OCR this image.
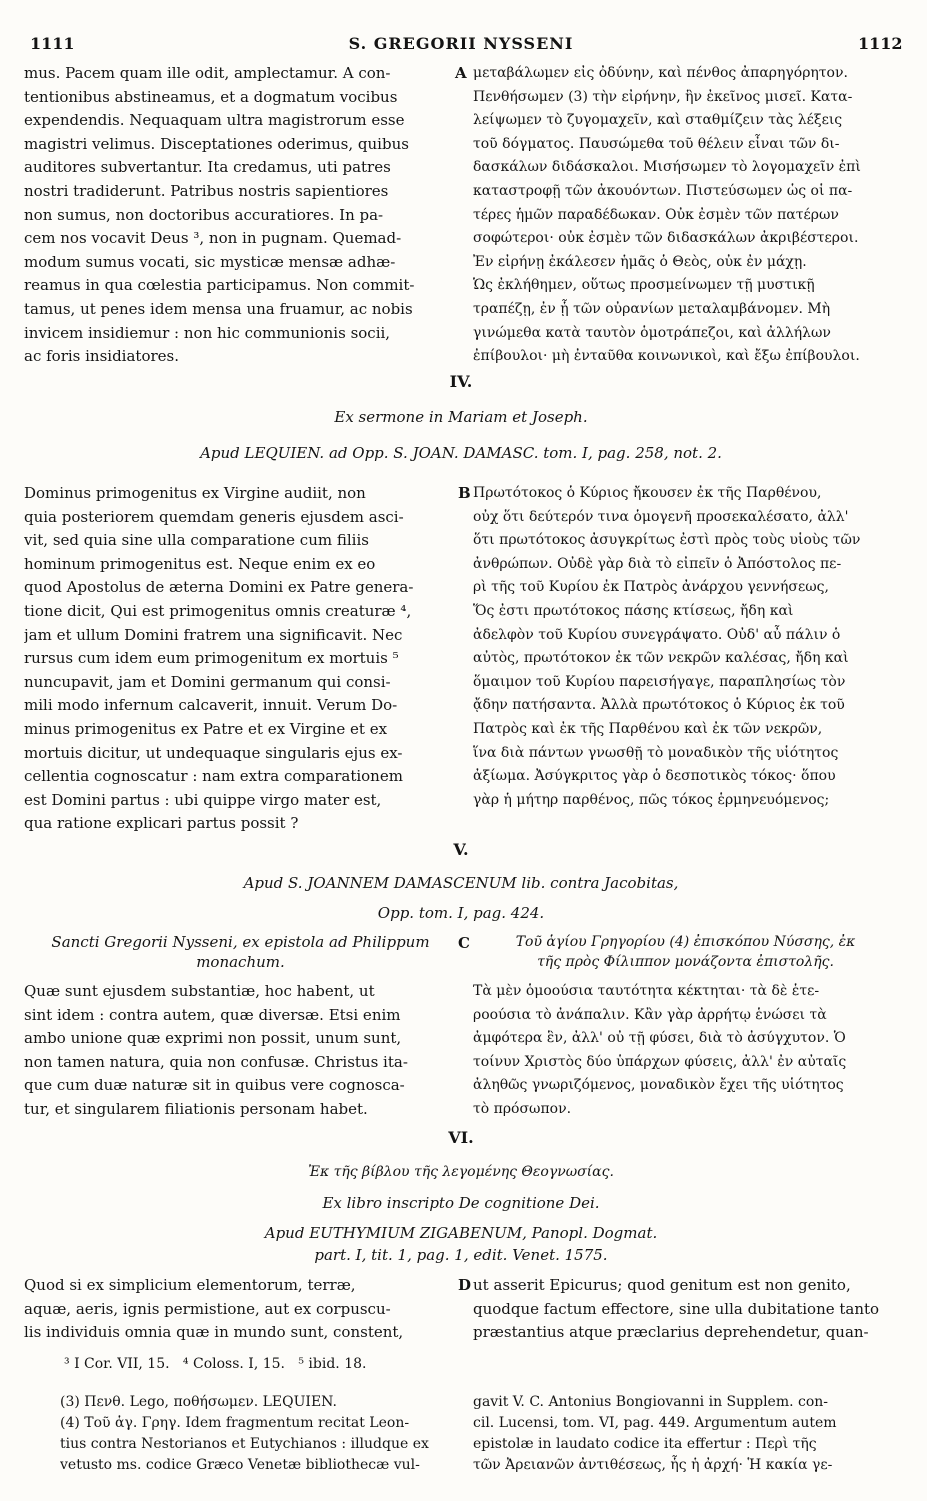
1111	S. GREGORII NYSSENI	1112
mus. Pacem quam ille odit, amplectamur. A con-
tentionibus abstineamus, et a dogmatum vocibus
expendendis. Nequaquam ultra magistrorum esse
magistri velimus. Disceptationes oderimus, quibus
auditores subvertantur. Ita credamus, uti patres
nostri tradiderunt. Patribus nostris sapientiores
non sumus, non doctoribus accuratiores. In pa-
cem nos vocavit Deus ³, non in pugnam. Quemad-
modum sumus vocati, sic mysticæ mensæ adhæ-
reamus in qua cœlestia participamus. Non commit-
tamus, ut penes idem mensa una fruamur, ac nobis
invicem insidiemur : non hic communionis socii,
ac foris insidiatores.
A μεταβάλωμεν εἰς ὀδύνην, καὶ πένθος ἀπαρηγόρητον.
Πενθήσωμεν (3) τὴν εἰρήνην, ἣν ἐκεῖνος μισεῖ. Κατα-
λείψωμεν τὸ ζυγομαχεῖν, καὶ σταθμίζειν τὰς λέξεις
τοῦ δόγματος. Παυσώμεθα τοῦ θέλειν εἶναι τῶν δι-
δασκάλων διδάσκαλοι. Μισήσωμεν τὸ λογομαχεῖν ἐπὶ
καταστροφῇ τῶν ἀκουόντων. Πιστεύσωμεν ὡς οἱ πα-
τέρες ἡμῶν παραδέδωκαν. Οὐκ ἐσμὲν τῶν πατέρων
σοφώτεροι· οὐκ ἐσμὲν τῶν διδασκάλων ἀκριβέστεροι.
Ἐν εἰρήνῃ ἐκάλεσεν ἡμᾶς ὁ Θεὸς, οὐκ ἐν μάχῃ.
Ὡς ἐκλήθημεν, οὕτως προσμείνωμεν τῇ μυστικῇ
τραπέζῃ, ἐν ᾗ τῶν οὐρανίων μεταλαμβάνομεν. Μὴ
γινώμεθα κατὰ ταυτὸν ὁμοτράπεζοι, καὶ ἀλλήλων
ἐπίβουλοι· μὴ ἐνταῦθα κοινωνικοὶ, καὶ ἔξω ἐπίβουλοι.
IV.
Ex sermone in Mariam et Joseph.
Apud LEQUIEN. ad Opp. S. JOAN. DAMASC. tom. I, pag. 258, not. 2.
Dominus primogenitus ex Virgine audiit, non
quia posteriorem quemdam generis ejusdem asci-
vit, sed quia sine ulla comparatione cum filiis
hominum primogenitus est. Neque enim ex eo
quod Apostolus de æterna Domini ex Patre genera-
tione dicit, Qui est primogenitus omnis creaturæ ⁴,
jam et ullum Domini fratrem una significavit. Nec
rursus cum idem eum primogenitum ex mortuis ⁵
nuncupavit, jam et Domini germanum qui consi-
mili modo infernum calcaverit, innuit. Verum Do-
minus primogenitus ex Patre et ex Virgine et ex
mortuis dicitur, ut undequaque singularis ejus ex-
cellentia cognoscatur : nam extra comparationem
est Domini partus : ubi quippe virgo mater est,
qua ratione explicari partus possit ?
B Πρωτότοκος ὁ Κύριος ἤκουσεν ἐκ τῆς Παρθένου,
οὐχ ὅτι δεύτερόν τινα ὁμογενῆ προσεκαλέσατο, ἀλλ'
ὅτι πρωτότοκος ἀσυγκρίτως ἐστὶ πρὸς τοὺς υἱοὺς τῶν
ἀνθρώπων. Οὐδὲ γὰρ διὰ τὸ εἰπεῖν ὁ Ἀπόστολος πε-
ρὶ τῆς τοῦ Κυρίου ἐκ Πατρὸς ἀνάρχου γεννήσεως,
Ὅς ἐστι πρωτότοκος πάσης κτίσεως, ἤδη καὶ
ἀδελφὸν τοῦ Κυρίου συνεγράψατο. Οὐδ' αὖ πάλιν ὁ
αὐτὸς, πρωτότοκον ἐκ τῶν νεκρῶν καλέσας, ἤδη καὶ
ὅμαιμον τοῦ Κυρίου παρεισήγαγε, παραπλησίως τὸν
ᾄδην πατήσαντα. Ἀλλὰ πρωτότοκος ὁ Κύριος ἐκ τοῦ
Πατρὸς καὶ ἐκ τῆς Παρθένου καὶ ἐκ τῶν νεκρῶν,
ἵνα διὰ πάντων γνωσθῇ τὸ μοναδικὸν τῆς υἱότητος
ἀξίωμα. Ἀσύγκριτος γὰρ ὁ δεσποτικὸς τόκος· ὅπου
γὰρ ἡ μήτηρ παρθένος, πῶς τόκος ἑρμηνευόμενος;
V.
Apud S. JOANNEM DAMASCENUM lib. contra Jacobitas,
Opp. tom. I, pag. 424.
Sancti Gregorii Nysseni, ex epistola ad Philippum
monachum.
C	Τοῦ ἁγίου Γρηγορίου (4) ἐπισκόπου Νύσσης, ἐκ
τῆς πρὸς Φίλιππον μονάζοντα ἐπιστολῆς.
Quæ sunt ejusdem substantiæ, hoc habent, ut
sint idem : contra autem, quæ diversæ. Etsi enim
ambo unione quæ exprimi non possit, unum sunt,
non tamen natura, quia non confusæ. Christus ita-
que cum duæ naturæ sit in quibus vere cognosca-
tur, et singularem filiationis personam habet.
Τὰ μὲν ὁμοούσια ταυτότητα κέκτηται· τὰ δὲ ἑτε-
ροούσια τὸ ἀνάπαλιν. Κἂν γὰρ ἀρρήτῳ ἑνώσει τὰ
ἀμφότερα ἓν, ἀλλ' οὐ τῇ φύσει, διὰ τὸ ἀσύγχυτον. Ὁ
τοίνυν Χριστὸς δύο ὑπάρχων φύσεις, ἀλλ' ἐν αὐταῖς
ἀληθῶς γνωριζόμενος, μοναδικὸν ἔχει τῆς υἱότητος
τὸ πρόσωπον.
VI.
Ἐκ τῆς βίβλου τῆς λεγομένης Θεογνωσίας.
Ex libro inscripto De cognitione Dei.
Apud EUTHYMIUM ZIGABENUM, Panopl. Dogmat.
part. I, tit. 1, pag. 1, edit. Venet. 1575.
Quod si ex simplicium elementorum, terræ,
aquæ, aeris, ignis permistione, aut ex corpuscu-
lis individuis omnia quæ in mundo sunt, constent,
D ut asserit Epicurus; quod genitum est non genito,
quodque factum effectore, sine ulla dubitatione tanto
præstantius atque præclarius deprehendetur, quan-
³ I Cor. VII, 15.   ⁴ Coloss. I, 15.   ⁵ ibid. 18.
(3) Πενθ. Lego, ποθήσωμεν. LEQUIEN.
(4) Τοῦ ἁγ. Γρηγ. Idem fragmentum recitat Leon-
tius contra Nestorianos et Eutychianos : illudque ex
vetusto ms. codice Græco Venetæ bibliothecæ vul-
gavit V. C. Antonius Bongiovanni in Supplem. con-
cil. Lucensi, tom. VI, pag. 449. Argumentum autem
epistolæ in laudato codice ita effertur : Περὶ τῆς
τῶν Ἀρειανῶν ἀντιθέσεως, ἧς ἡ ἀρχή· Ἡ κακία γε-
